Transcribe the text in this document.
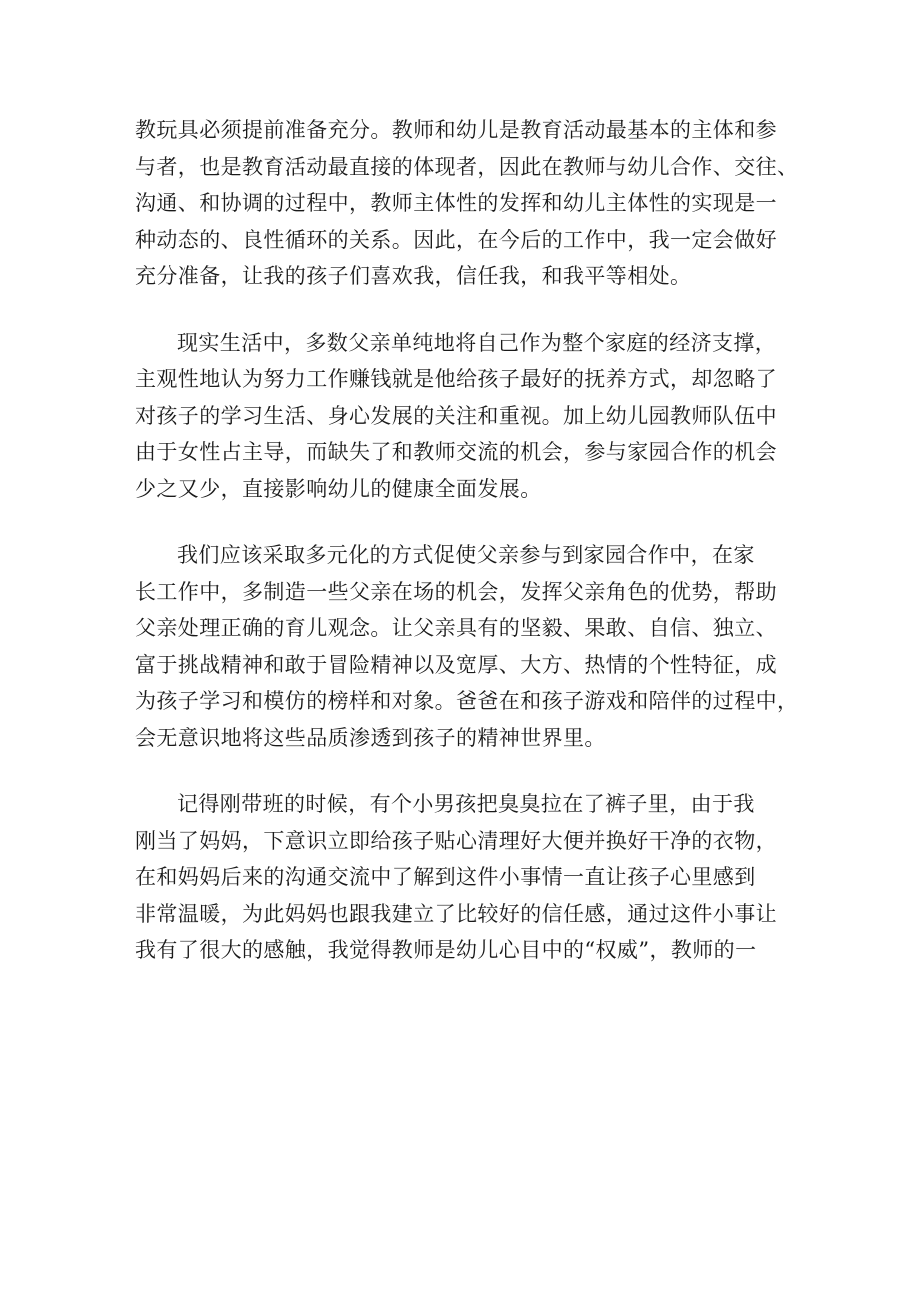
教玩具必须提前准备充分。教师和幼儿是教育活动最基本的主体和参
与者，也是教育活动最直接的体现者，因此在教师与幼儿合作、交往、
沟通、和协调的过程中，教师主体性的发挥和幼儿主体性的实现是一
种动态的、良性循环的关系。因此，在今后的工作中，我一定会做好
充分准备，让我的孩子们喜欢我，信任我，和我平等相处。
现实生活中，多数父亲单纯地将自己作为整个家庭的经济支撑，
主观性地认为努力工作赚钱就是他给孩子最好的抚养方式，却忽略了
对孩子的学习生活、身心发展的关注和重视。加上幼儿园教师队伍中
由于女性占主导，而缺失了和教师交流的机会，参与家园合作的机会
少之又少，直接影响幼儿的健康全面发展。
我们应该采取多元化的方式促使父亲参与到家园合作中，在家
长工作中，多制造一些父亲在场的机会，发挥父亲角色的优势，帮助
父亲处理正确的育儿观念。让父亲具有的坚毅、果敢、自信、独立、
富于挑战精神和敢于冒险精神以及宽厚、大方、热情的个性特征，成
为孩子学习和模仿的榜样和对象。爸爸在和孩子游戏和陪伴的过程中，
会无意识地将这些品质渗透到孩子的精神世界里。
记得刚带班的时候，有个小男孩把臭臭拉在了裤子里，由于我
刚当了妈妈，下意识立即给孩子贴心清理好大便并换好干净的衣物，
在和妈妈后来的沟通交流中了解到这件小事情一直让孩子心里感到
非常温暖，为此妈妈也跟我建立了比较好的信任感，通过这件小事让
我有了很大的感触，我觉得教师是幼儿心目中的“权威”，教师的一
